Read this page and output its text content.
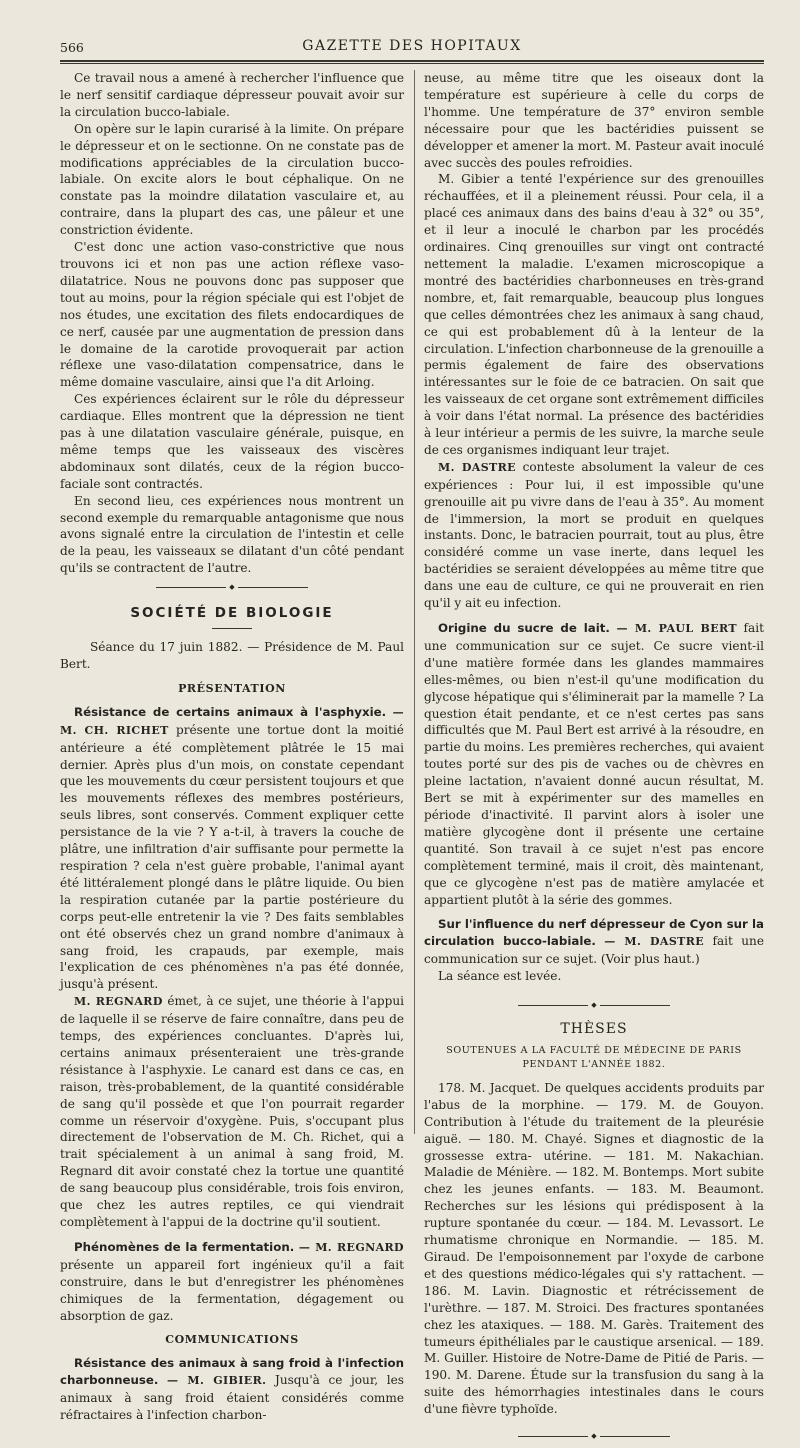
566	GAZETTE DES HOPITAUX

Ce travail nous a amené à rechercher l'influence que le nerf sensitif cardiaque dépresseur pouvait avoir sur la circulation bucco-labiale.

On opère sur le lapin curarisé à la limite. On prépare le dépresseur et on le sectionne. On ne constate pas de modifications appréciables de la circulation bucco-labiale. On excite alors le bout céphalique. On ne constate pas la moindre dilatation vasculaire et, au contraire, dans la plupart des cas, une pâleur et une constriction évidente.

C'est donc une action vaso-constrictive que nous trouvons ici et non pas une action réflexe vaso-dilatatrice. Nous ne pouvons donc pas supposer que tout au moins, pour la région spéciale qui est l'objet de nos études, une excitation des filets endocardiques de ce nerf, causée par une augmentation de pression dans le domaine de la carotide provoquerait par action réflexe une vaso-dilatation compensatrice, dans le même domaine vasculaire, ainsi que l'a dit Arloing.

Ces expériences éclairent sur le rôle du dépresseur cardiaque. Elles montrent que la dépression ne tient pas à une dilatation vasculaire générale, puisque, en même temps que les vaisseaux des viscères abdominaux sont dilatés, ceux de la région bucco-faciale sont contractés.

En second lieu, ces expériences nous montrent un second exemple du remarquable antagonisme que nous avons signalé entre la circulation de l'intestin et celle de la peau, les vaisseaux se dilatant d'un côté pendant qu'ils se contractent de l'autre.

◆
SOCIÉTÉ DE BIOLOGIE

Séance du 17 juin 1882. — Présidence de M. Paul Bert.

PRÉSENTATION

Résistance de certains animaux à l'asphyxie. — M. CH. RICHET présente une tortue dont la moitié antérieure a été complètement plâtrée le 15 mai dernier. Après plus d'un mois, on constate cependant que les mouvements du cœur persistent toujours et que les mouvements réflexes des membres postérieurs, seuls libres, sont conservés. Comment expliquer cette persistance de la vie ? Y a-t-il, à travers la couche de plâtre, une infiltration d'air suffisante pour permette la respiration ? cela n'est guère probable, l'animal ayant été littéralement plongé dans le plâtre liquide. Ou bien la respiration cutanée par la partie postérieure du corps peut-elle entretenir la vie ? Des faits semblables ont été observés chez un grand nombre d'animaux à sang froid, les crapauds, par exemple, mais l'explication de ces phénomènes n'a pas été donnée, jusqu'à présent.

M. REGNARD émet, à ce sujet, une théorie à l'appui de laquelle il se réserve de faire connaître, dans peu de temps, des expériences concluantes. D'après lui, certains animaux présenteraient une très-grande résistance à l'asphyxie. Le canard est dans ce cas, en raison, très-probablement, de la quantité considérable de sang qu'il possède et que l'on pourrait regarder comme un réservoir d'oxygène. Puis, s'occupant plus directement de l'observation de M. Ch. Richet, qui a trait spécialement à un animal à sang froid, M. Regnard dit avoir constaté chez la tortue une quantité de sang beaucoup plus considérable, trois fois environ, que chez les autres reptiles, ce qui viendrait complètement à l'appui de la doctrine qu'il soutient.

Phénomènes de la fermentation. — M. REGNARD présente un appareil fort ingénieux qu'il a fait construire, dans le but d'enregistrer les phénomènes chimiques de la fermentation, dégagement ou absorption de gaz.

COMMUNICATIONS

Résistance des animaux à sang froid à l'infection charbonneuse. — M. GIBIER. Jusqu'à ce jour, les animaux à sang froid étaient considérés comme réfractaires à l'infection charbon-

neuse, au même titre que les oiseaux dont la température est supérieure à celle du corps de l'homme. Une température de 37° environ semble nécessaire pour que les bactéridies puissent se développer et amener la mort. M. Pasteur avait inoculé avec succès des poules refroidies.

M. Gibier a tenté l'expérience sur des grenouilles réchauffées, et il a pleinement réussi. Pour cela, il a placé ces animaux dans des bains d'eau à 32° ou 35°, et il leur a inoculé le charbon par les procédés ordinaires. Cinq grenouilles sur vingt ont contracté nettement la maladie. L'examen microscopique a montré des bactéridies charbonneuses en très-grand nombre, et, fait remarquable, beaucoup plus longues que celles démontrées chez les animaux à sang chaud, ce qui est probablement dû à la lenteur de la circulation. L'infection charbonneuse de la grenouille a permis également de faire des observations intéressantes sur le foie de ce batracien. On sait que les vaisseaux de cet organe sont extrêmement difficiles à voir dans l'état normal. La présence des bactéridies à leur intérieur a permis de les suivre, la marche seule de ces organismes indiquant leur trajet.

M. DASTRE conteste absolument la valeur de ces expériences : Pour lui, il est impossible qu'une grenouille ait pu vivre dans de l'eau à 35°. Au moment de l'immersion, la mort se produit en quelques instants. Donc, le batracien pourrait, tout au plus, être considéré comme un vase inerte, dans lequel les bactéridies se seraient développées au même titre que dans une eau de culture, ce qui ne prouverait en rien qu'il y ait eu infection.

Origine du sucre de lait. — M. PAUL BERT fait une communication sur ce sujet. Ce sucre vient-il d'une matière formée dans les glandes mammaires elles-mêmes, ou bien n'est-il qu'une modification du glycose hépatique qui s'éliminerait par la mamelle ? La question était pendante, et ce n'est certes pas sans difficultés que M. Paul Bert est arrivé à la résoudre, en partie du moins. Les premières recherches, qui avaient toutes porté sur des pis de vaches ou de chèvres en pleine lactation, n'avaient donné aucun résultat, M. Bert se mit à expérimenter sur des mamelles en période d'inactivité. Il parvint alors à isoler une matière glycogène dont il présente une certaine quantité. Son travail à ce sujet n'est pas encore complètement terminé, mais il croit, dès maintenant, que ce glycogène n'est pas de matière amylacée et appartient plutôt à la série des gommes.

Sur l'influence du nerf dépresseur de Cyon sur la circulation bucco-labiale. — M. DASTRE fait une communication sur ce sujet. (Voir plus haut.)

La séance est levée.

◆
THÈSES
SOUTENUES A LA FACULTÉ DE MÉDECINE DE PARIS
PENDANT L'ANNÉE 1882.

178. M. Jacquet. De quelques accidents produits par l'abus de la morphine. — 179. M. de Gouyon. Contribution à l'étude du traitement de la pleurésie aiguë. — 180. M. Chayé. Signes et diagnostic de la grossesse extra- utérine. — 181. M. Nakachian. Maladie de Ménière. — 182. M. Bontemps. Mort subite chez les jeunes enfants. — 183. M. Beaumont. Recherches sur les lésions qui prédisposent à la rupture spontanée du cœur. — 184. M. Levassort. Le rhumatisme chronique en Normandie. — 185. M. Giraud. De l'empoisonnement par l'oxyde de carbone et des questions médico-légales qui s'y rattachent. — 186. M. Lavin. Diagnostic et rétrécissement de l'urèthre. — 187. M. Stroici. Des fractures spontanées chez les ataxiques. — 188. M. Garès. Traitement des tumeurs épithéliales par le caustique arsenical. — 189. M. Guiller. Histoire de Notre-Dame de Pitié de Paris. — 190. M. Darene. Étude sur la transfusion du sang à la suite des hémorrhagies intestinales dans le cours d'une fièvre typhoïde.

◆
